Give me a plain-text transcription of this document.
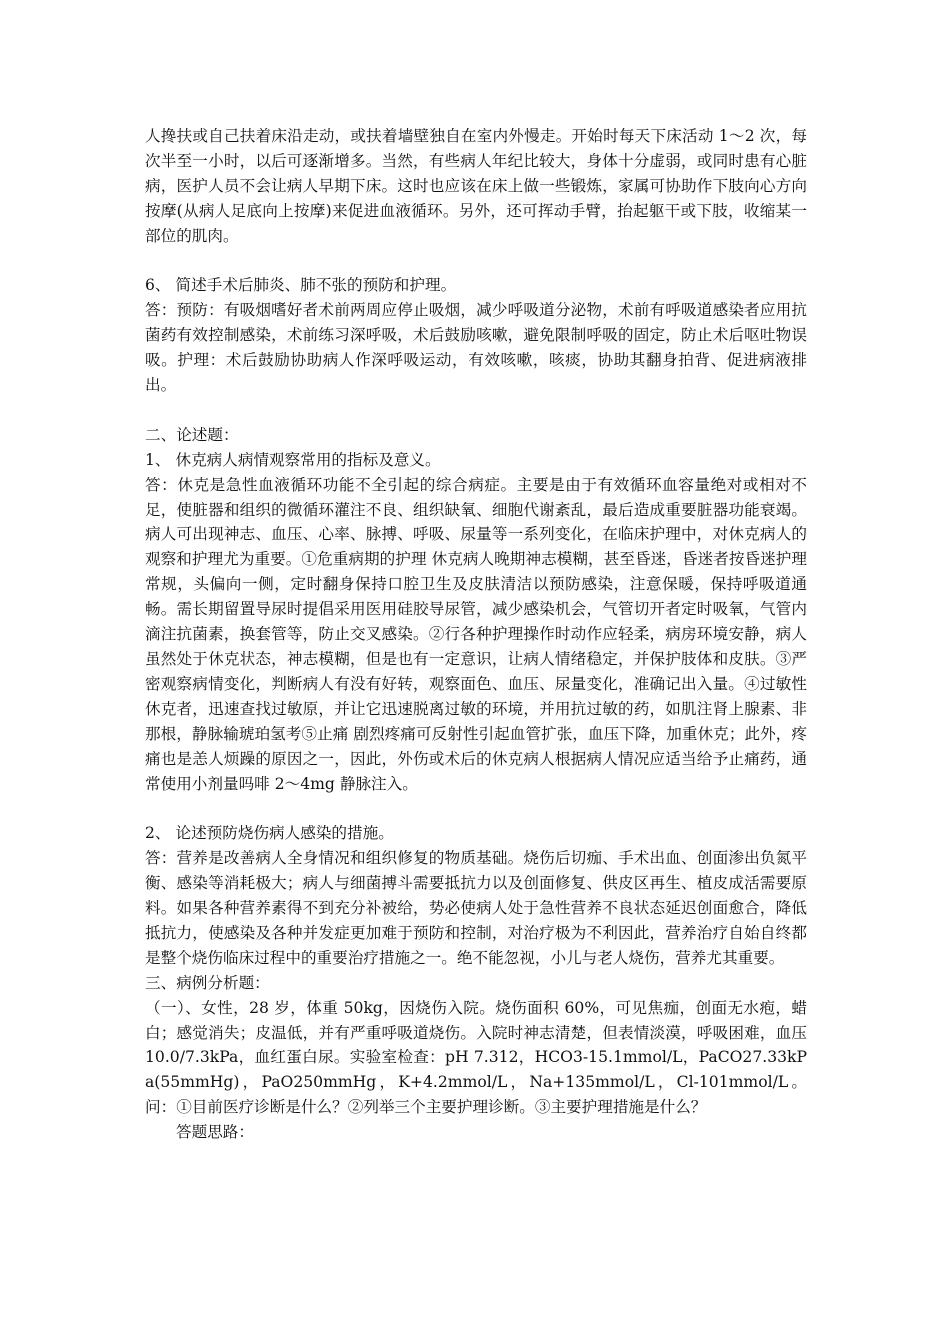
人搀扶或自己扶着床沿走动，或扶着墙壁独自在室内外慢走。开始时每天下床活动 1～2 次，每次半至一小时，以后可逐渐增多。当然，有些病人年纪比较大，身体十分虚弱，或同时患有心脏病，医护人员不会让病人早期下床。这时也应该在床上做一些锻炼，家属可协助作下肢向心方向按摩(从病人足底向上按摩)来促进血液循环。另外，还可挥动手臂，抬起躯干或下肢，收缩某一部位的肌肉。

6、 简述手术后肺炎、肺不张的预防和护理。

答：预防：有吸烟嗜好者术前两周应停止吸烟，减少呼吸道分泌物，术前有呼吸道感染者应用抗菌药有效控制感染，术前练习深呼吸，术后鼓励咳嗽，避免限制呼吸的固定，防止术后呕吐物误吸。护理：术后鼓励协助病人作深呼吸运动，有效咳嗽，咳痰，协助其翻身拍背、促进病液排出。

二、论述题：

1、 休克病人病情观察常用的指标及意义。

答：休克是急性血液循环功能不全引起的综合病症。主要是由于有效循环血容量绝对或相对不足，使脏器和组织的微循环灌注不良、组织缺氧、细胞代谢紊乱，最后造成重要脏器功能衰竭。病人可出现神志、血压、心率、脉搏、呼吸、尿量等一系列变化，在临床护理中，对休克病人的观察和护理尤为重要。①危重病期的护理 休克病人晚期神志模糊，甚至昏迷，昏迷者按昏迷护理常规，头偏向一侧，定时翻身保持口腔卫生及皮肤清洁以预防感染，注意保暖，保持呼吸道通畅。需长期留置导尿时提倡采用医用硅胶导尿管，减少感染机会，气管切开者定时吸氧，气管内滴注抗菌素，换套管等，防止交叉感染。②行各种护理操作时动作应轻柔，病房环境安静，病人虽然处于休克状态，神志模糊，但是也有一定意识，让病人情绪稳定，并保护肢体和皮肤。③严密观察病情变化，判断病人有没有好转，观察面色、血压、尿量变化，准确记出入量。④过敏性休克者，迅速查找过敏原，并让它迅速脱离过敏的环境，并用抗过敏的药，如肌注肾上腺素、非那根，静脉输琥珀氢考⑤止痛 剧烈疼痛可反射性引起血管扩张，血压下降，加重休克；此外，疼痛也是恙人烦躁的原因之一，因此，外伤或术后的休克病人根据病人情况应适当给予止痛药，通常使用小剂量吗啡 2～4mg 静脉注入。

2、 论述预防烧伤病人感染的措施。

答：营养是改善病人全身情况和组织修复的物质基础。烧伤后切痂、手术出血、创面渗出负氮平衡、感染等消耗极大；病人与细菌搏斗需要抵抗力以及创面修复、供皮区再生、植皮成活需要原料。如果各种营养素得不到充分补被给，势必使病人处于急性营养不良状态延迟创面愈合，降低抵抗力，使感染及各种并发症更加难于预防和控制，对治疗极为不利因此，营养治疗自始自终都是整个烧伤临床过程中的重要治疗措施之一。绝不能忽视，小儿与老人烧伤，营养尤其重要。

三、病例分析题：

（一）、女性，28 岁，体重 50kg，因烧伤入院。烧伤面积 60%，可见焦痂，创面无水疱，蜡白；感觉消失；皮温低，并有严重呼吸道烧伤。入院时神志清楚，但表情淡漠，呼吸困难，血压 10.0/7.3kPa，血红蛋白尿。实验室检查：pH 7.312，HCO3-15.1mmol/L，PaCO27.33kPa(55mmHg)，PaO250mmHg，K+4.2mmol/L，Na+135mmol/L，Cl-101mmol/L。问：①目前医疗诊断是什么？②列举三个主要护理诊断。③主要护理措施是什么？

答题思路：
